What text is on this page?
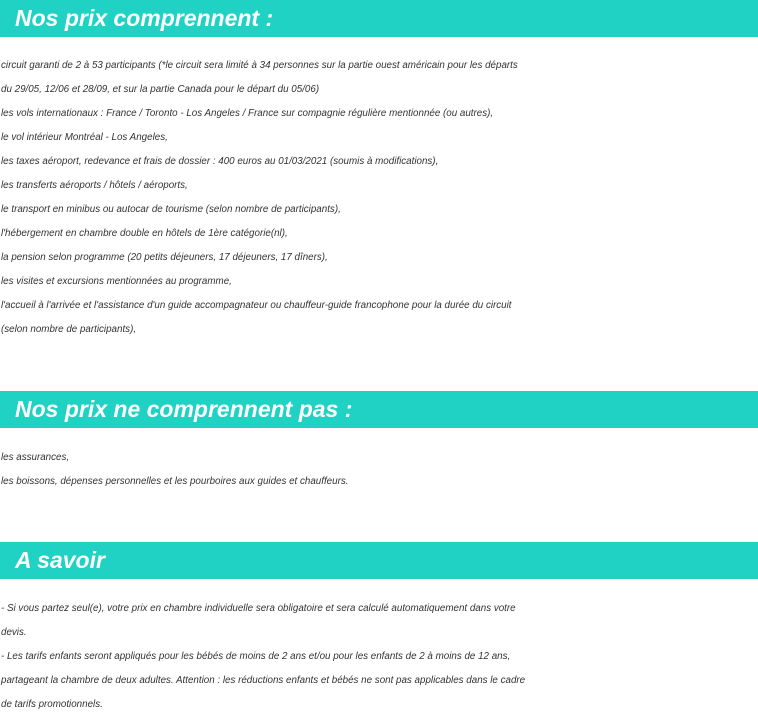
Nos prix comprennent :
circuit garanti de 2 à 53 participants (*le circuit sera limité à 34 personnes sur la partie ouest américain pour les départs
du 29/05, 12/06 et 28/09, et sur la partie Canada pour le départ du 05/06)
les vols internationaux : France / Toronto - Los Angeles / France sur compagnie régulière mentionnée (ou autres),
le vol intérieur Montréal - Los Angeles,
les taxes aéroport, redevance et frais de dossier : 400 euros au 01/03/2021 (soumis à modifications),
les transferts aéroports / hôtels / aéroports,
le transport en minibus ou autocar de tourisme (selon nombre de participants),
l'hébergement en chambre double en hôtels de 1ère catégorie(nl),
la pension selon programme (20 petits déjeuners, 17 déjeuners, 17 dîners),
les visites et excursions mentionnées au programme,
l'accueil à l'arrivée et l'assistance d'un guide accompagnateur ou chauffeur-guide francophone pour la durée du circuit
(selon nombre de participants),
Nos prix ne comprennent pas :
les assurances,
les boissons, dépenses personnelles et les pourboires aux guides et chauffeurs.
A savoir
- Si vous partez seul(e), votre prix en chambre individuelle sera obligatoire et sera calculé automatiquement dans votre
devis.
- Les tarifs enfants seront appliqués pour les bébés de moins de 2 ans et/ou pour les enfants de 2 à moins de 12 ans,
partageant la chambre de deux adultes. Attention : les réductions enfants et bébés ne sont pas applicables dans le cadre
de tarifs promotionnels.
